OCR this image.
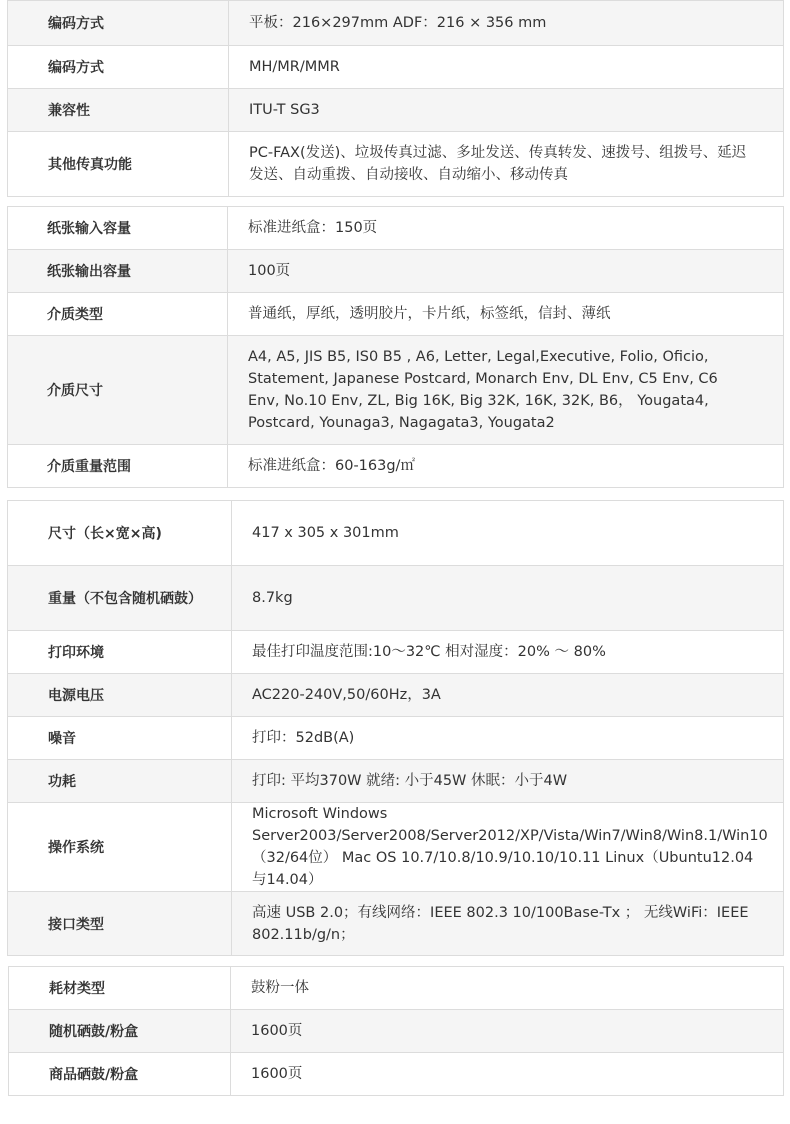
编码方式	平板：216×297mm ADF：216 × 356 mm
编码方式	MH/MR/MMR
兼容性	ITU-T SG3
其他传真功能	PC-FAX(发送)、垃圾传真过滤、多址发送、传真转发、速拨号、组拨号、延迟发送、自动重拨、自动接收、自动缩小、移动传真
纸张输入容量	标准进纸盒：150页
纸张输出容量	100页
介质类型	普通纸，厚纸，透明胶片，卡片纸，标签纸，信封、薄纸
介质尺寸	A4, A5, JIS B5, IS0 B5 , A6, Letter, Legal,Executive, Folio, Oficio, Statement, Japanese Postcard, Monarch Env, DL Env, C5 Env, C6 Env, No.10 Env, ZL, Big 16K, Big 32K, 16K, 32K, B6， Yougata4, Postcard, Younaga3, Nagagata3, Yougata2
介质重量范围	标准进纸盒：60-163g/㎡
尺寸（长×宽×高)	417 x 305 x 301mm
重量（不包含随机硒鼓）	8.7kg
打印环境	最佳打印温度范围:10～32℃ 相对湿度：20% ～ 80%
电源电压	AC220-240V,50/60Hz，3A
噪音	打印：52dB(A)
功耗	打印: 平均370W 就绪: 小于45W 休眠：小于4W
操作系统	Microsoft Windows Server2003/Server2008/Server2012/XP/Vista/Win7/Win8/Win8.1/Win10（32/64位） Mac OS 10.7/10.8/10.9/10.10/10.11 Linux（Ubuntu12.04与14.04）
接口类型	高速 USB 2.0；有线网络：IEEE 802.3 10/100Base-Tx ； 无线WiFi：IEEE 802.11b/g/n；
耗材类型	鼓粉一体
随机硒鼓/粉盒	1600页
商品硒鼓/粉盒	1600页
